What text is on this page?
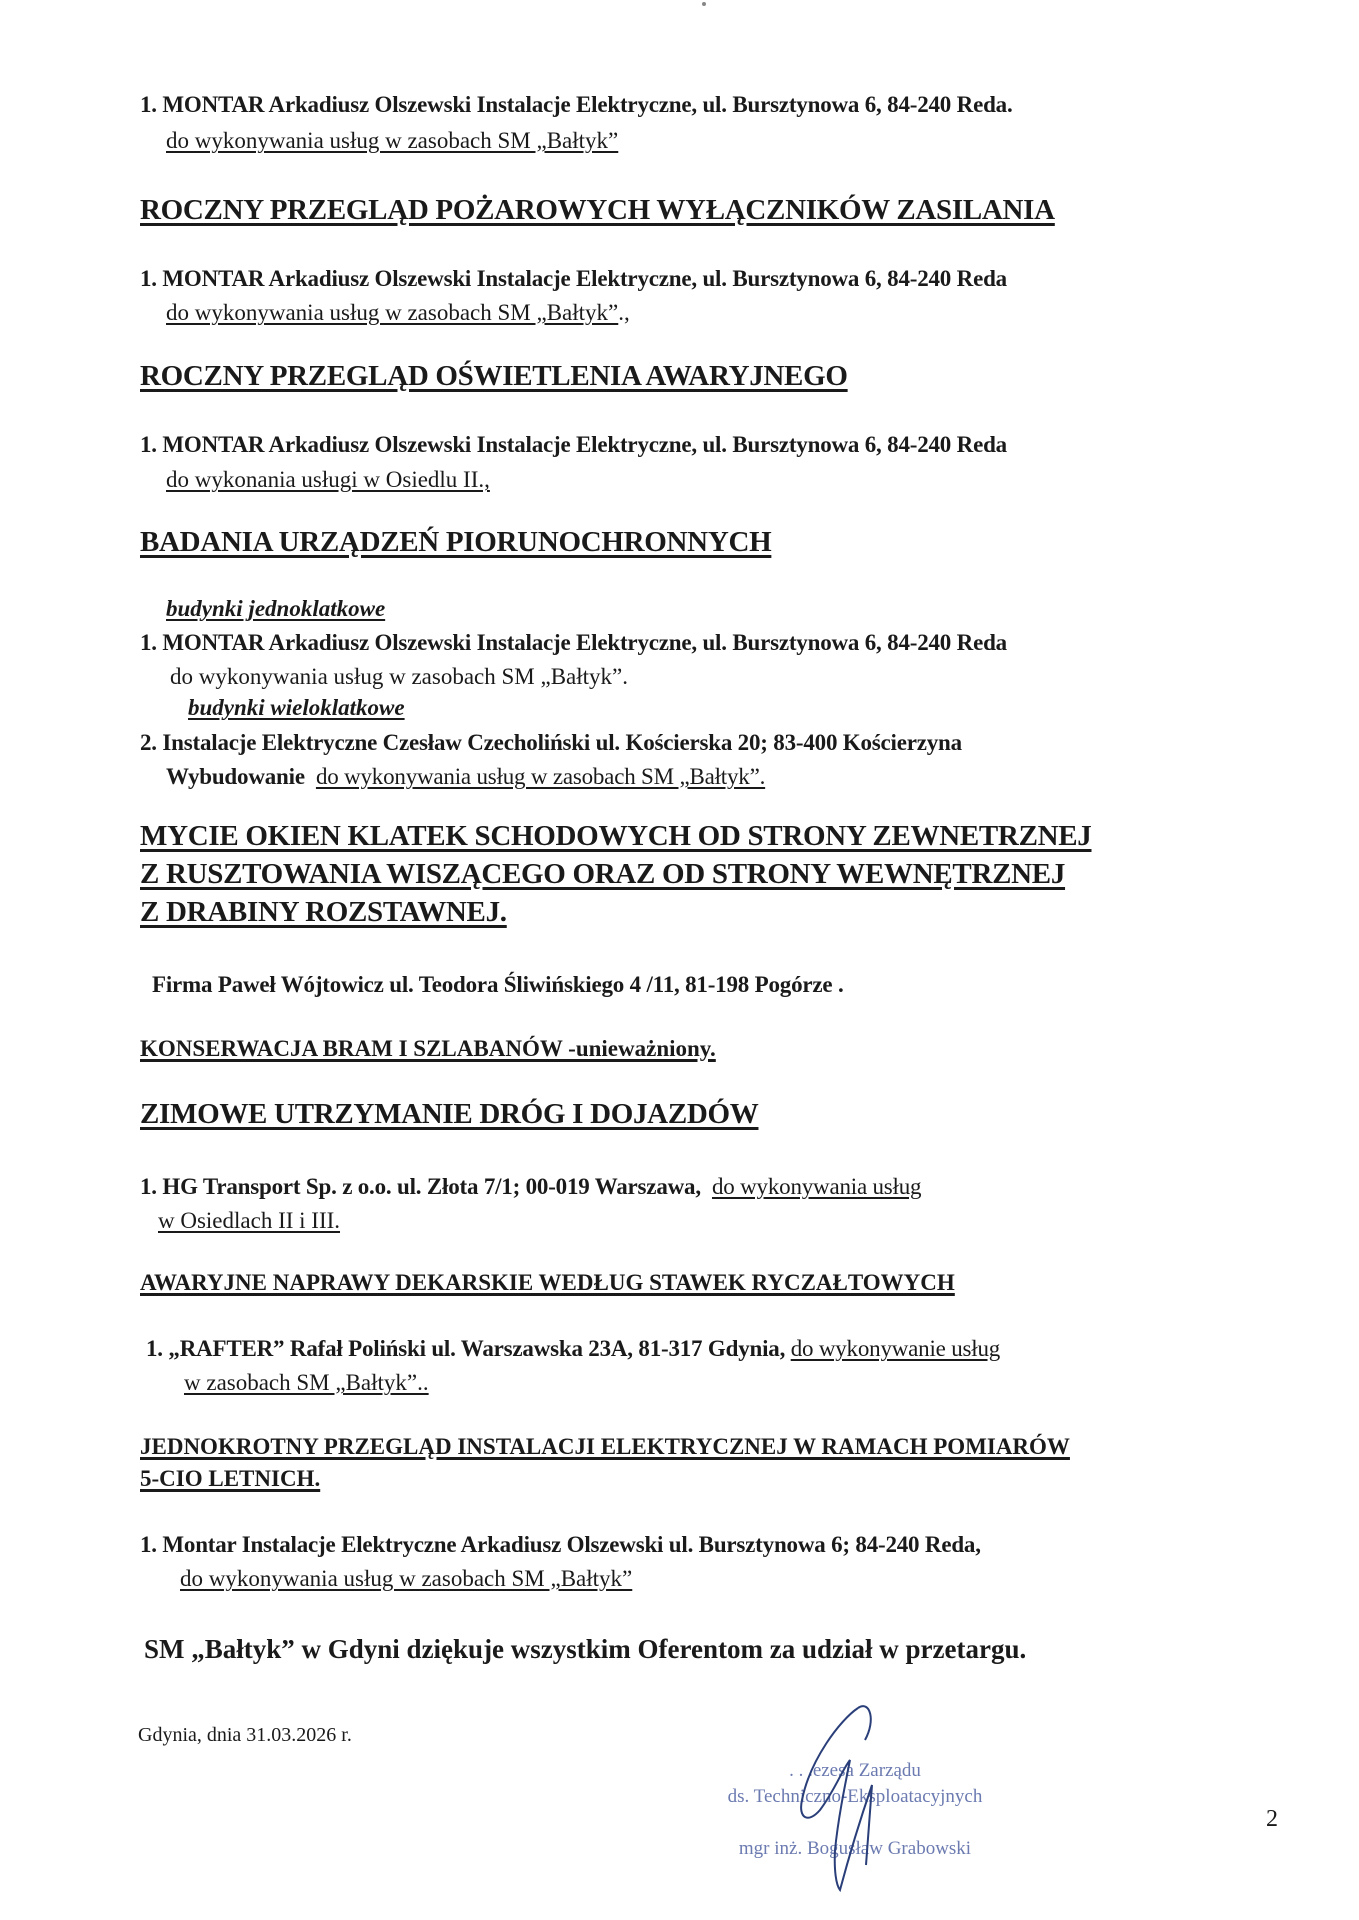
1. MONTAR Arkadiusz Olszewski Instalacje Elektryczne, ul. Bursztynowa 6, 84-240 Reda.
do wykonywania usług w zasobach SM „Bałtyk”
ROCZNY PRZEGLĄD POŻAROWYCH WYŁĄCZNIKÓW ZASILANIA
1. MONTAR Arkadiusz Olszewski Instalacje Elektryczne, ul. Bursztynowa 6, 84-240 Reda
do wykonywania usług w zasobach SM „Bałtyk”.,
ROCZNY PRZEGLĄD OŚWIETLENIA AWARYJNEGO
1. MONTAR Arkadiusz Olszewski Instalacje Elektryczne, ul. Bursztynowa 6, 84-240 Reda
do wykonania usługi w Osiedlu II.,
BADANIA URZĄDZEŃ PIORUNOCHRONNYCH
budynki jednoklatkowe
1. MONTAR Arkadiusz Olszewski Instalacje Elektryczne, ul. Bursztynowa 6, 84-240 Reda
do wykonywania usług w zasobach SM „Bałtyk”.
budynki wieloklatkowe
2. Instalacje Elektryczne Czesław Czecholiński ul. Kościerska 20; 83-400 Kościerzyna
Wybudowanie do wykonywania usług w zasobach SM „Bałtyk”.
MYCIE OKIEN KLATEK SCHODOWYCH OD STRONY ZEWNETRZNEJ
Z RUSZTOWANIA WISZĄCEGO ORAZ OD STRONY WEWNĘTRZNEJ
Z DRABINY ROZSTAWNEJ.
Firma Paweł Wójtowicz ul. Teodora Śliwińskiego 4 /11, 81-198 Pogórze .
KONSERWACJA BRAM I SZLABANÓW -unieważniony.
ZIMOWE UTRZYMANIE DRÓG I DOJAZDÓW
1. HG Transport Sp. z o.o. ul. Złota 7/1; 00-019 Warszawa, do wykonywania usług
w Osiedlach II i III.
AWARYJNE NAPRAWY DEKARSKIE WEDŁUG STAWEK RYCZAŁTOWYCH
1. „RAFTER” Rafał Poliński ul. Warszawska 23A, 81-317 Gdynia, do wykonywanie usług
w zasobach SM „Bałtyk”..
JEDNOKROTNY PRZEGLĄD INSTALACJI ELEKTRYCZNEJ W RAMACH POMIARÓW
5-CIO LETNICH.
1. Montar Instalacje Elektryczne Arkadiusz Olszewski ul. Bursztynowa 6; 84-240 Reda,
do wykonywania usług w zasobach SM „Bałtyk”
SM „Bałtyk” w Gdyni dziękuje wszystkim Oferentom za udział w przetargu.
Gdynia, dnia 31.03.2026 r.
. . .ezesa Zarządu
ds. Techniczno-Eksploatacyjnych
mgr inż. Bogusław Grabowski
2
